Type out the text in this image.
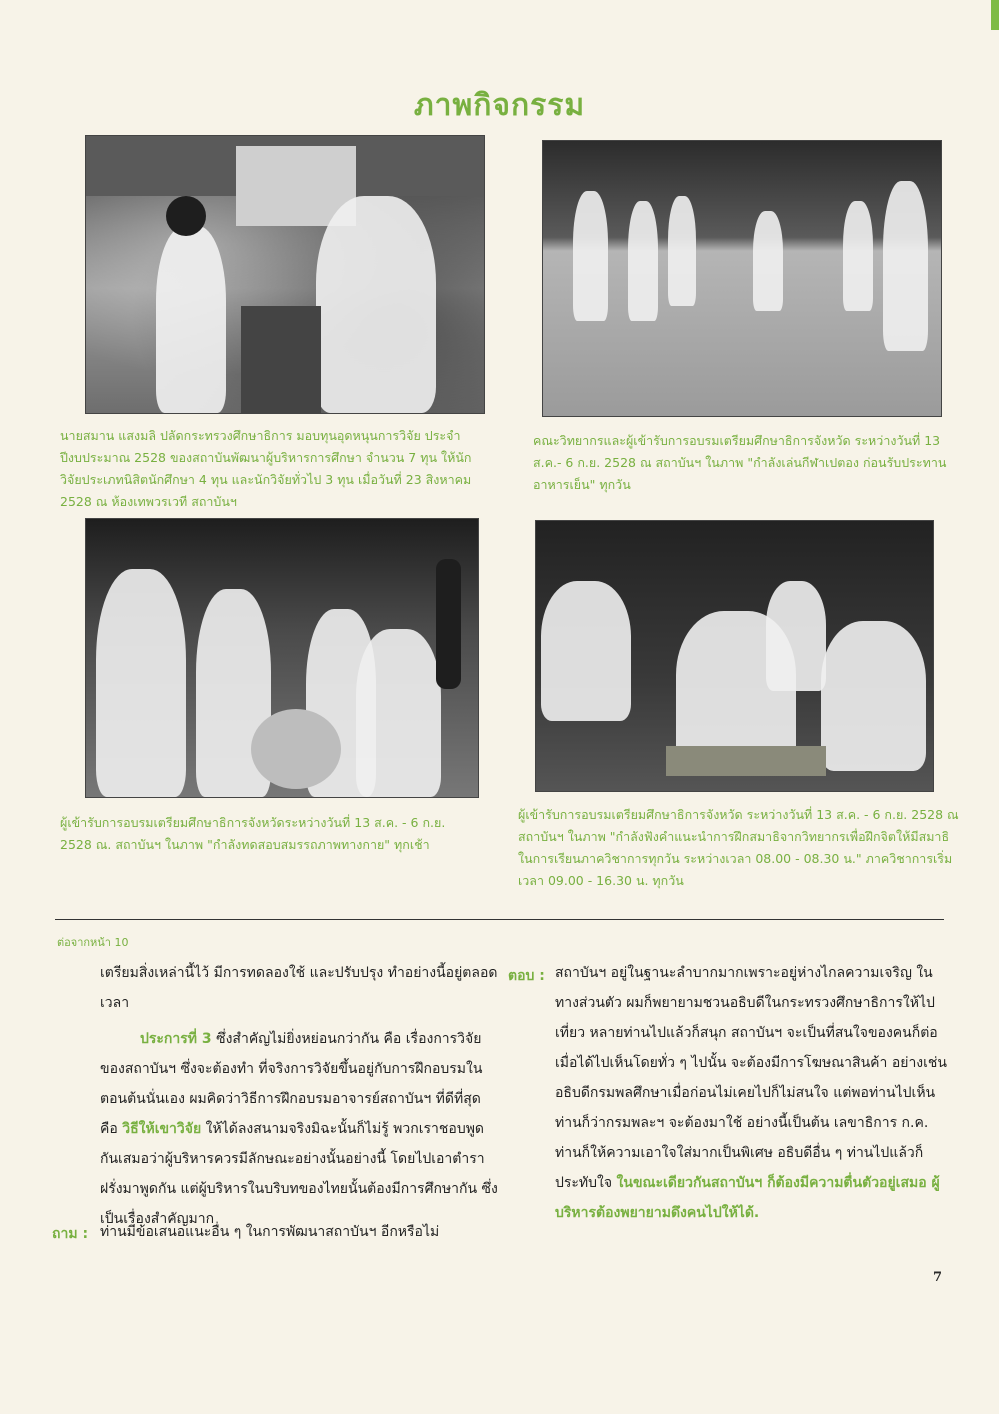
ภาพกิจกรรม
นายสมาน แสงมลิ ปลัดกระทรวงศึกษาธิการ มอบทุนอุดหนุนการวิจัย ประจำปีงบประมาณ 2528 ของสถาบันพัฒนาผู้บริหารการศึกษา จำนวน 7 ทุน ให้นักวิจัยประเภทนิสิตนักศึกษา 4 ทุน และนักวิจัยทั่วไป 3 ทุน เมื่อวันที่ 23 สิงหาคม 2528 ณ ห้องเทพวรเวที สถาบันฯ
คณะวิทยากรและผู้เข้ารับการอบรมเตรียมศึกษาธิการจังหวัด ระหว่างวันที่ 13 ส.ค.- 6 ก.ย. 2528 ณ สถาบันฯ ในภาพ "กำลังเล่นกีฬาเปตอง ก่อนรับประทานอาหารเย็น" ทุกวัน
ผู้เข้ารับการอบรมเตรียมศึกษาธิการจังหวัดระหว่างวันที่ 13 ส.ค. - 6 ก.ย. 2528 ณ. สถาบันฯ ในภาพ "กำลังทดสอบสมรรถภาพทางกาย" ทุกเช้า
ผู้เข้ารับการอบรมเตรียมศึกษาธิการจังหวัด ระหว่างวันที่ 13 ส.ค. - 6 ก.ย. 2528 ณ สถาบันฯ ในภาพ "กำลังฟังคำแนะนำการฝึกสมาธิจากวิทยากรเพื่อฝึกจิตให้มีสมาธิในการเรียนภาควิชาการทุกวัน ระหว่างเวลา 08.00 - 08.30 น." ภาควิชาการเริ่มเวลา 09.00 - 16.30 น. ทุกวัน
ต่อจากหน้า 10

เตรียมสิ่งเหล่านี้ไว้ มีการทดลองใช้ และปรับปรุง ทำอย่างนี้อยู่ตลอดเวลา

ประการที่ 3 ซึ่งสำคัญไม่ยิ่งหย่อนกว่ากัน คือ เรื่องการวิจัยของสถาบันฯ ซึ่งจะต้องทำ ที่จริงการวิจัยขึ้นอยู่กับการฝึกอบรมในตอนต้นนั่นเอง ผมคิดว่าวิธีการฝึกอบรมอาจารย์สถาบันฯ ที่ดีที่สุด คือ วิธีให้เขาวิจัย ให้ได้ลงสนามจริงมิฉะนั้นก็ไม่รู้ พวกเราชอบพูดกันเสมอว่าผู้บริหารควรมีลักษณะอย่างนั้นอย่างนี้ โดยไปเอาตำราฝรั่งมาพูดกัน แต่ผู้บริหารในบริบทของไทยนั้นต้องมีการศึกษากัน ซึ่งเป็นเรื่องสำคัญมาก

ถาม : ท่านมีข้อเสนอแนะอื่น ๆ ในการพัฒนาสถาบันฯ อีกหรือไม่
ตอบ : สถาบันฯ อยู่ในฐานะลำบากมากเพราะอยู่ห่างไกลความเจริญ ในทางส่วนตัว ผมก็พยายามชวนอธิบดีในกระทรวงศึกษาธิการให้ไปเที่ยว หลายท่านไปแล้วก็สนุก สถาบันฯ จะเป็นที่สนใจของคนก็ต่อเมื่อได้ไปเห็นโดยทั่ว ๆ ไปนั้น จะต้องมีการโฆษณาสินค้า อย่างเช่น อธิบดีกรมพลศึกษาเมื่อก่อนไม่เคยไปก็ไม่สนใจ แต่พอท่านไปเห็น ท่านก็ว่ากรมพละฯ จะต้องมาใช้ อย่างนี้เป็นต้น เลขาธิการ ก.ค. ท่านก็ให้ความเอาใจใส่มากเป็นพิเศษ อธิบดีอื่น ๆ ท่านไปแล้วก็ประทับใจ ในขณะเดียวกันสถาบันฯ ก็ต้องมีความตื่นตัวอยู่เสมอ ผู้บริหารต้องพยายามดึงคนไปให้ได้.

7
